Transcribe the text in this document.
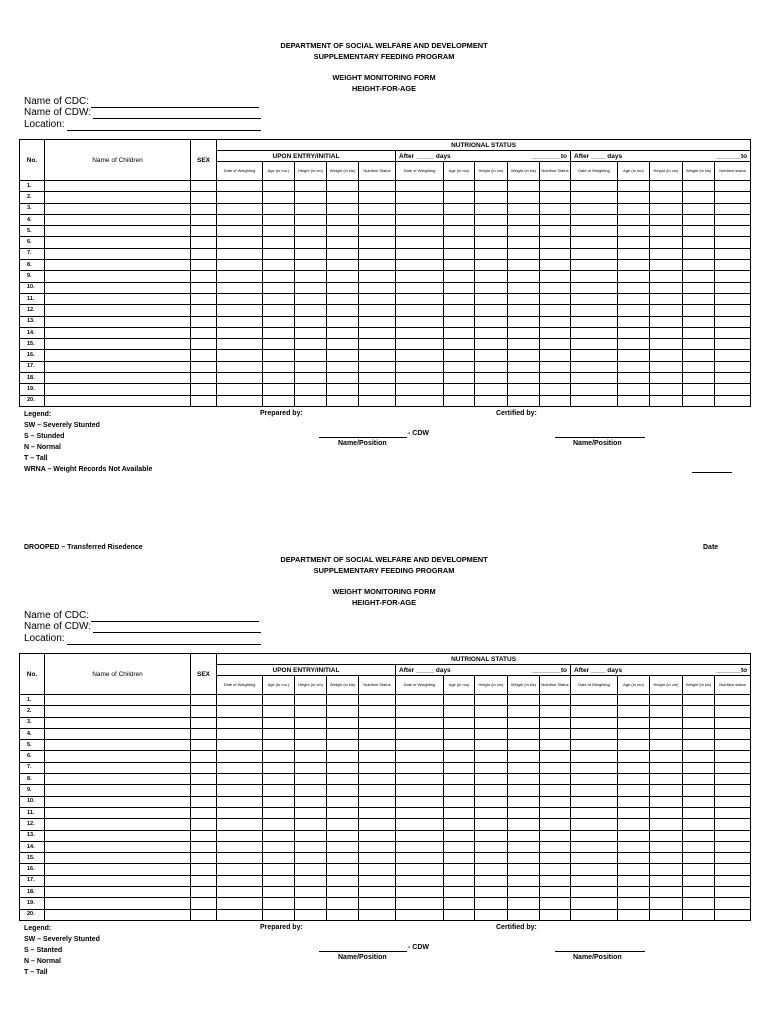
DEPARTMENT OF SOCIAL WELFARE AND DEVELOPMENT
SUPPLEMENTARY FEEDING PROGRAM
WEIGHT MONITORING FORM
HEIGHT-FOR-AGE
Name of CDC:
Name of CDW:
Location:
No.	Name of Children	SEX	NUTRIONAL STATUS														
			UPON ENTRY/INITIAL					After _____ days		________to			After ____ days		_______to		
			Date of Weighting	Age (in mo.)	Height (in cm)	Weight (in kls)	Nutrition Status	Date of Weighting	Age (in mo)	Height (in cm)	Weight (in kls)	Nutrition Status	Date of Weighting	Age (in mo)	Height (in cm)	Weight (in kls)	Nutrition status
1.																	
2.																	
3.																	
4.																	
5.																	
6.																	
7.																	
8.																	
9.																	
10.																	
11.																	
12.																	
13.																	
14.																	
15.																	
16.																	
17.																	
18.																	
19.																	
20.																	
Legend:
SW – Severely Stunted
S – Stunded
N – Normal
T – Tall
WRNA – Weight Records Not Available
Prepared by:	Certified by:
- CDW
Name/Position	Name/Position
DROOPED – Transferred Risedence	Date
DEPARTMENT OF SOCIAL WELFARE AND DEVELOPMENT
SUPPLEMENTARY FEEDING PROGRAM
WEIGHT MONITORING FORM
HEIGHT-FOR-AGE
Name of CDC:
Name of CDW:
Location:
No.	Name of Children	SEX	NUTRIONAL STATUS														
			UPON ENTRY/INITIAL					After _____ days		________to			After ____ days		_______to		
			Date of Weighting	Age (in mo.)	Height (in cm)	Weight (in kls)	Nutrition Status	Date of Weighting	Age (in mo)	Height (in cm)	Weight (in kls)	Nutrition Status	Date of Weighting	Age (in mo)	Height (in cm)	Weight (in kls)	Nutrition status
1.																	
2.																	
3.																	
4.																	
5.																	
6.																	
7.																	
8.																	
9.																	
10.																	
11.																	
12.																	
13.																	
14.																	
15.																	
16.																	
17.																	
18.																	
19.																	
20.																	
Legend:
SW – Severely Stunted
S – Stanted
N – Normal
T – Tall
Prepared by:	Certified by:
- CDW
Name/Position	Name/Position
